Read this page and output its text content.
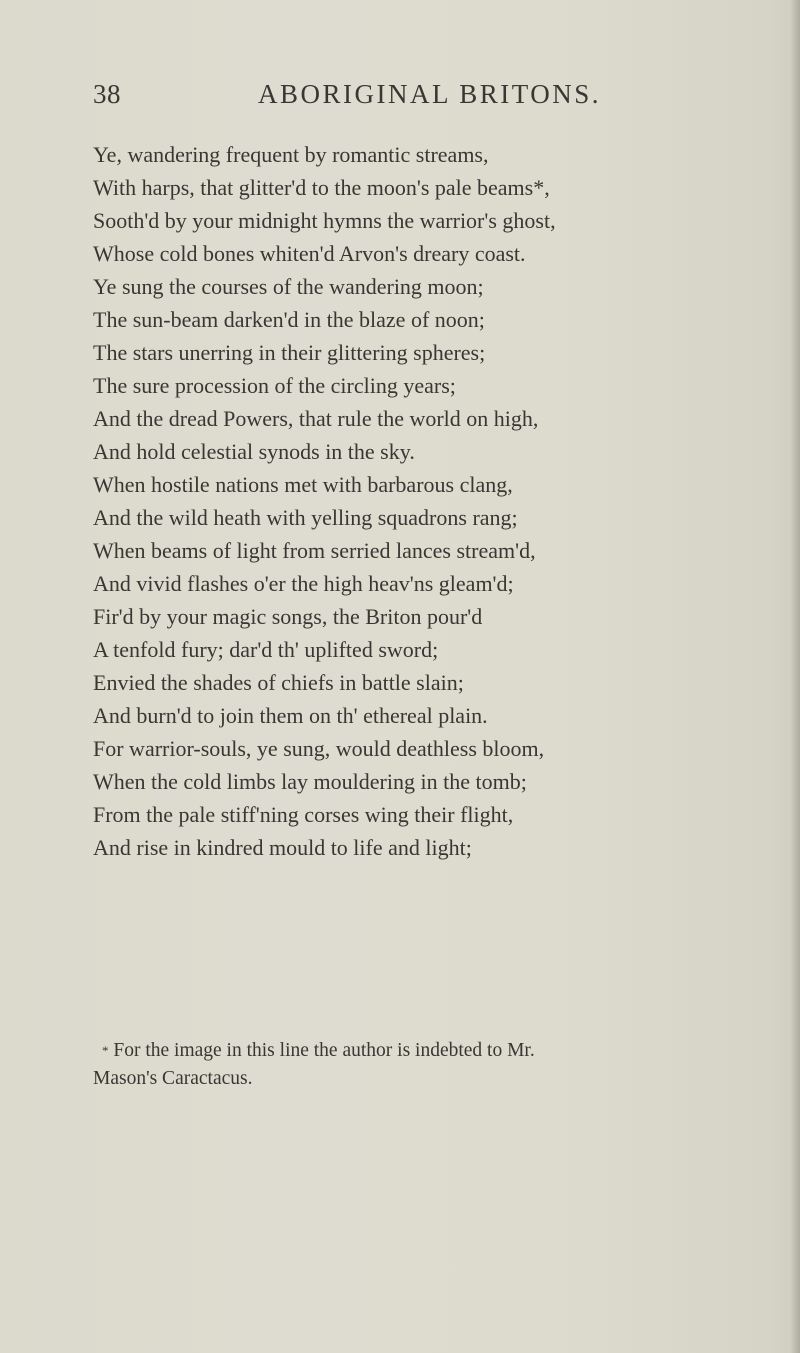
38	ABORIGINAL BRITONS.
Ye, wandering frequent by romantic streams,
With harps, that glitter'd to the moon's pale beams*,
Sooth'd by your midnight hymns the warrior's ghost,
Whose cold bones whiten'd Arvon's dreary coast.
Ye sung the courses of the wandering moon;
The sun-beam darken'd in the blaze of noon;
The stars unerring in their glittering spheres;
The sure procession of the circling years;
And the dread Powers, that rule the world on high,
And hold celestial synods in the sky.
When hostile nations met with barbarous clang,
And the wild heath with yelling squadrons rang;
When beams of light from serried lances stream'd,
And vivid flashes o'er the high heav'ns gleam'd;
Fir'd by your magic songs, the Briton pour'd
A tenfold fury; dar'd th' uplifted sword;
Envied the shades of chiefs in battle slain;
And burn'd to join them on th' ethereal plain.
For warrior-souls, ye sung, would deathless bloom,
When the cold limbs lay mouldering in the tomb;
From the pale stiff'ning corses wing their flight,
And rise in kindred mould to life and light;
* For the image in this line the author is indebted to Mr.
Mason's Caractacus.
